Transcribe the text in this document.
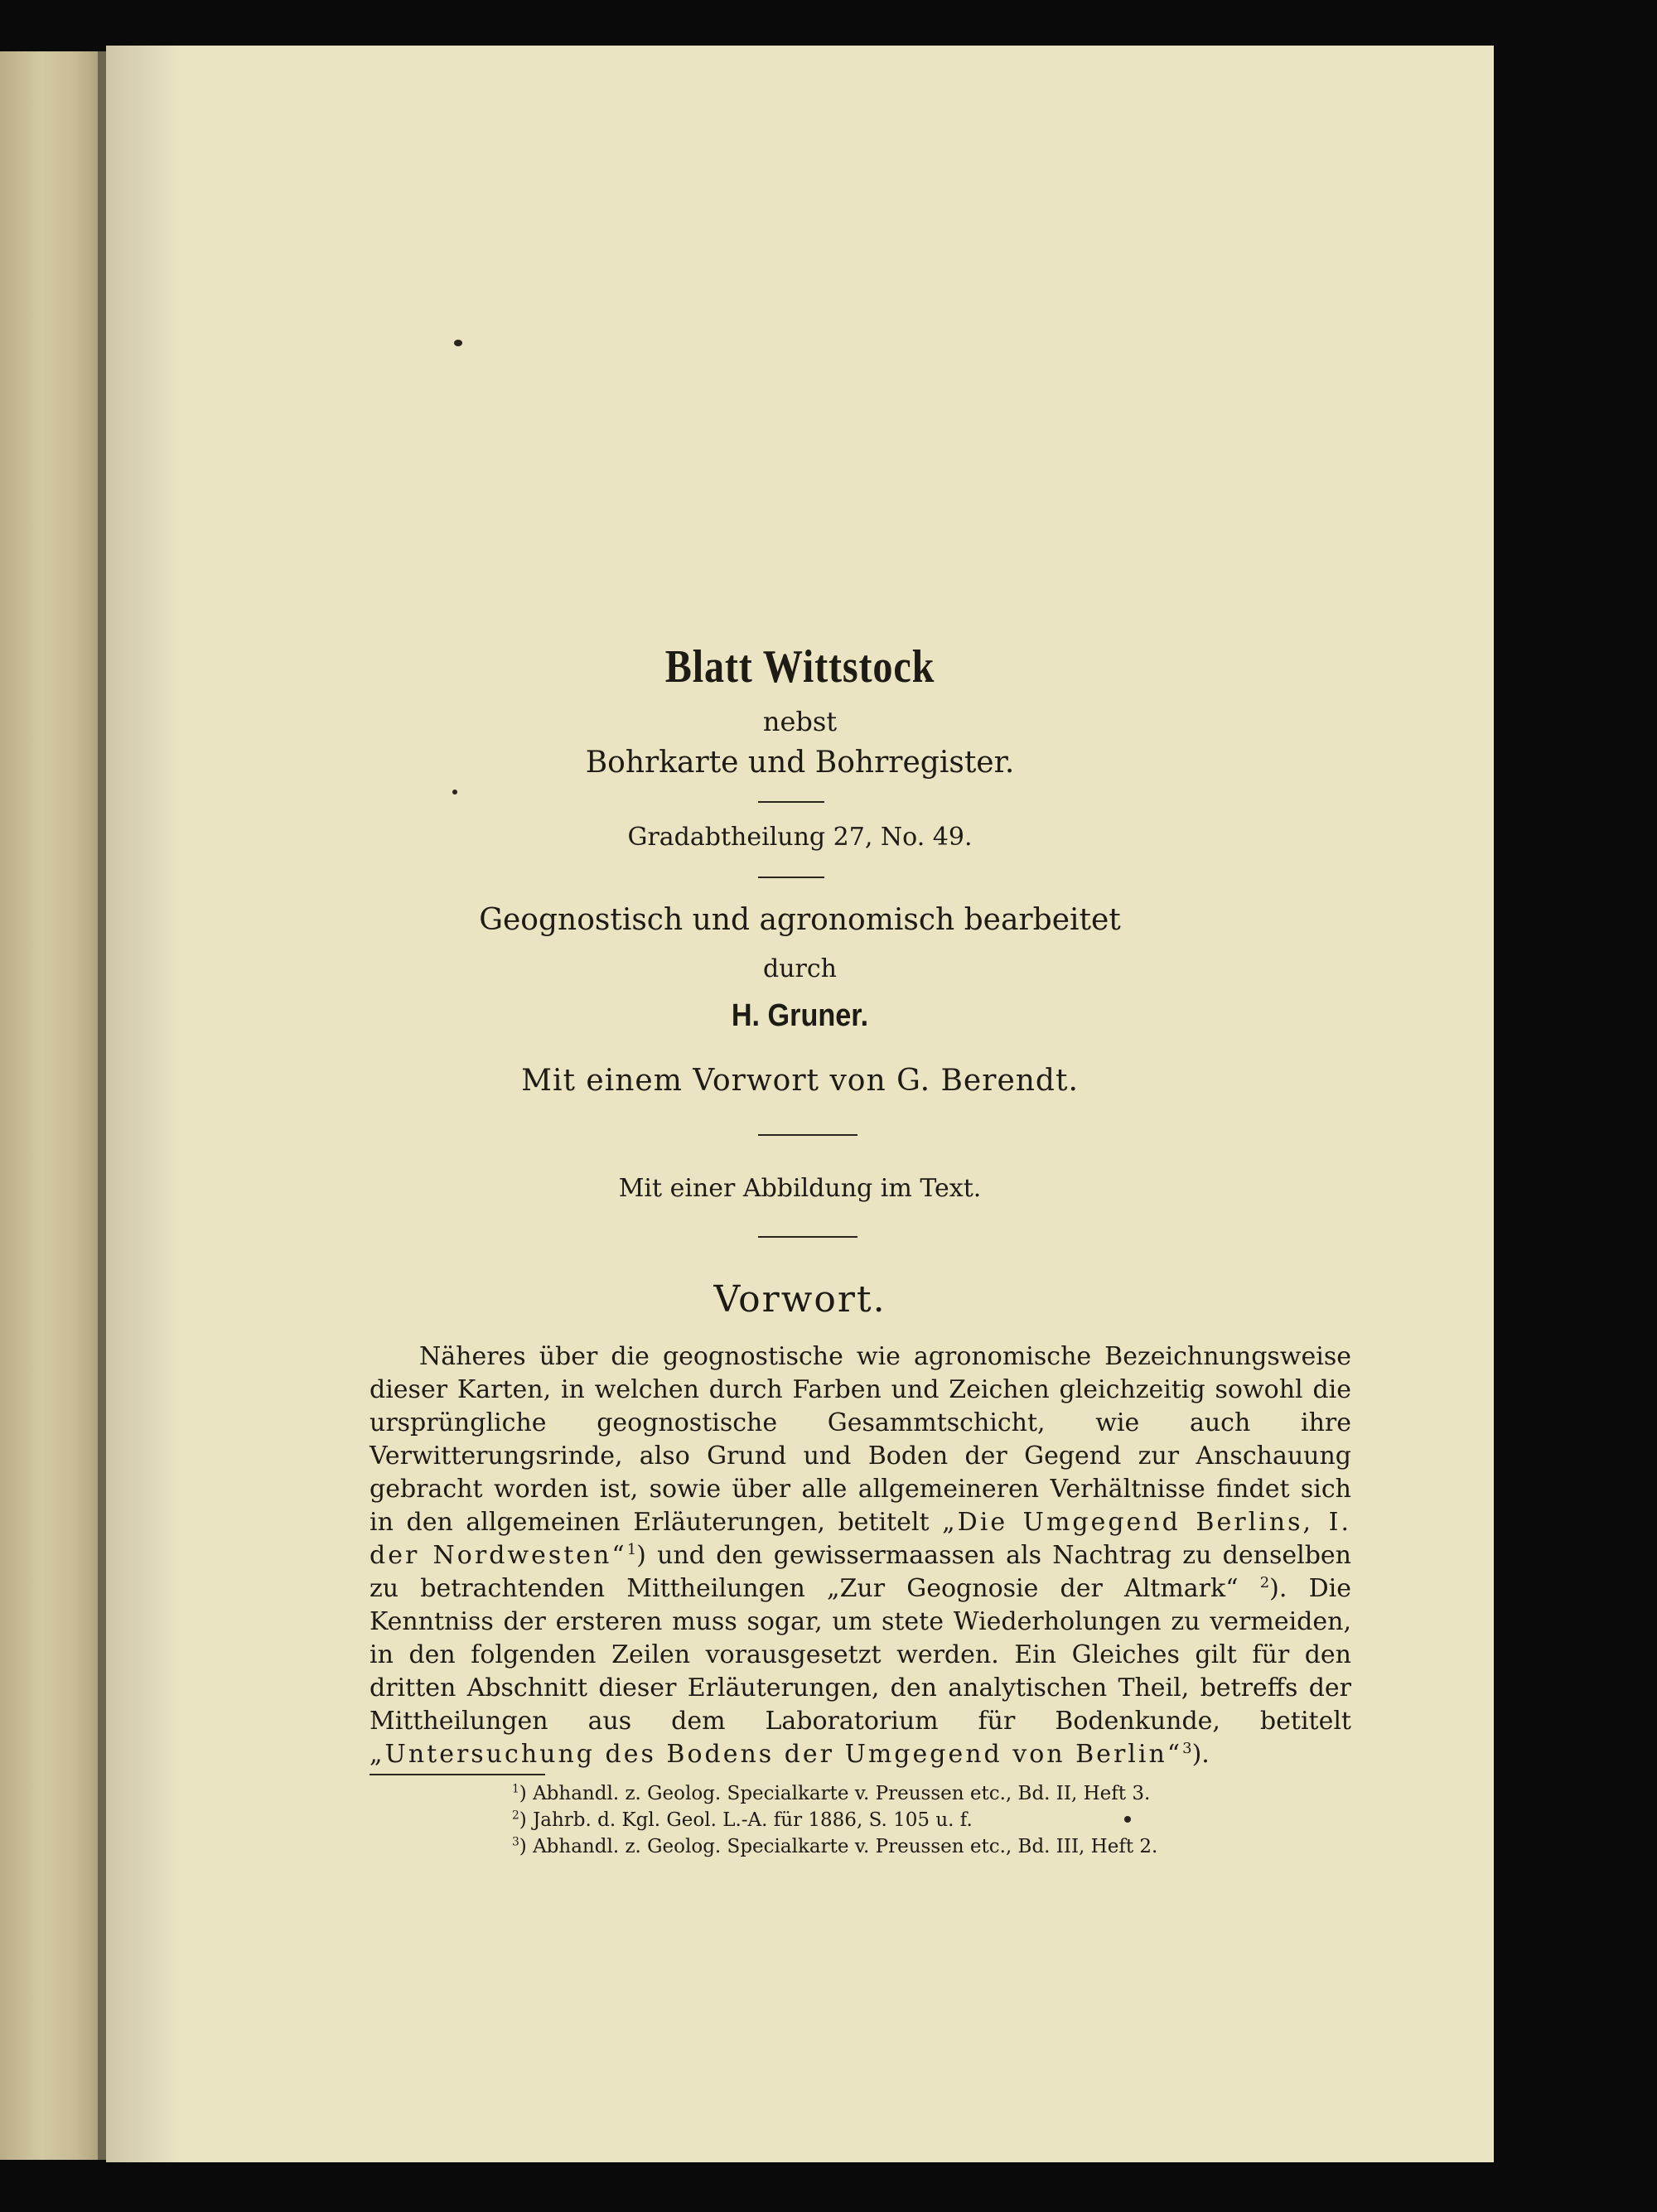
Blatt Wittstock
nebst
Bohrkarte und Bohrregister.
Gradabtheilung 27, No. 49.
Geognostisch und agronomisch bearbeitet
durch
H. Gruner.
Mit einem Vorwort von G. Berendt.
Mit einer Abbildung im Text.
Vorwort.

Näheres über die geognostische wie agronomische Bezeichnungsweise dieser Karten, in welchen durch Farben und Zeichen gleichzeitig sowohl die ursprüngliche geognostische Gesammtschicht, wie auch ihre Verwitterungsrinde, also Grund und Boden der Gegend zur Anschauung gebracht worden ist, sowie über alle allgemeineren Verhältnisse findet sich in den allgemeinen Erläuterungen, betitelt „Die Umgegend Berlins, I. der Nordwesten“$^1$) und den gewissermaassen als Nachtrag zu denselben zu betrachtenden Mittheilungen „Zur Geognosie der Altmark“ $^2$). Die Kenntniss der ersteren muss sogar, um stete Wiederholungen zu vermeiden, in den folgenden Zeilen vorausgesetzt werden. Ein Gleiches gilt für den dritten Abschnitt dieser Erläuterungen, den analytischen Theil, betreffs der Mittheilungen aus dem Laboratorium für Bodenkunde, betitelt „Untersuchung des Bodens der Umgegend von Berlin“$^3$).

$^1$) Abhandl. z. Geolog. Specialkarte v. Preussen etc., Bd. II, Heft 3.
$^2$) Jahrb. d. Kgl. Geol. L.-A. für 1886, S. 105 u. f.
$^3$) Abhandl. z. Geolog. Specialkarte v. Preussen etc., Bd. III, Heft 2.
